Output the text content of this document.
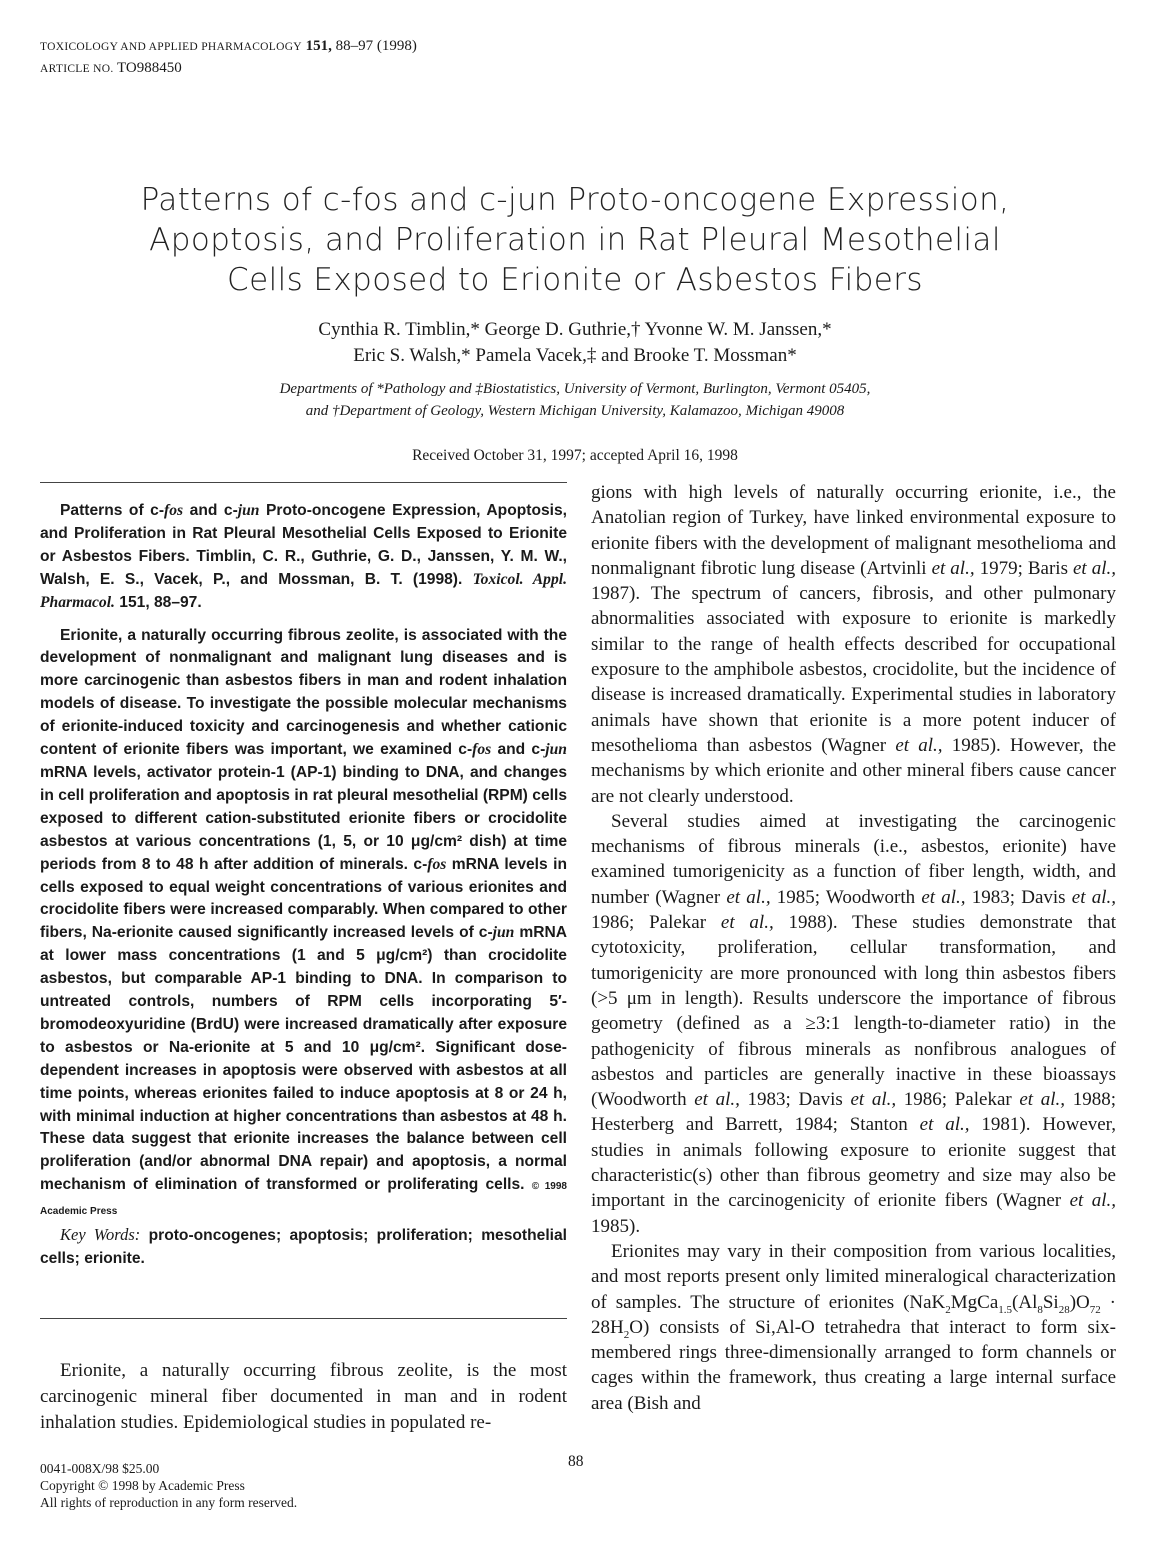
TOXICOLOGY AND APPLIED PHARMACOLOGY 151, 88–97 (1998)
ARTICLE NO. TO988450
Patterns of c-fos and c-jun Proto-oncogene Expression,
Apoptosis, and Proliferation in Rat Pleural Mesothelial
Cells Exposed to Erionite or Asbestos Fibers
Cynthia R. Timblin,* George D. Guthrie,† Yvonne W. M. Janssen,*
Eric S. Walsh,* Pamela Vacek,‡ and Brooke T. Mossman*
Departments of *Pathology and ‡Biostatistics, University of Vermont, Burlington, Vermont 05405,
and †Department of Geology, Western Michigan University, Kalamazoo, Michigan 49008
Received October 31, 1997; accepted April 16, 1998

Patterns of c-fos and c-jun Proto-oncogene Expression, Apoptosis, and Proliferation in Rat Pleural Mesothelial Cells Exposed to Erionite or Asbestos Fibers. Timblin, C. R., Guthrie, G. D., Janssen, Y. M. W., Walsh, E. S., Vacek, P., and Mossman, B. T. (1998). Toxicol. Appl. Pharmacol. 151, 88–97.

Erionite, a naturally occurring fibrous zeolite, is associated with the development of nonmalignant and malignant lung diseases and is more carcinogenic than asbestos fibers in man and rodent inhalation models of disease. To investigate the possible molecular mechanisms of erionite-induced toxicity and carcinogenesis and whether cationic content of erionite fibers was important, we examined c-fos and c-jun mRNA levels, activator protein-1 (AP-1) binding to DNA, and changes in cell proliferation and apoptosis in rat pleural mesothelial (RPM) cells exposed to different cation-substituted erionite fibers or crocidolite asbestos at various concentrations (1, 5, or 10 μg/cm² dish) at time periods from 8 to 48 h after addition of minerals. c-fos mRNA levels in cells exposed to equal weight concentrations of various erionites and crocidolite fibers were increased comparably. When compared to other fibers, Na-erionite caused significantly increased levels of c-jun mRNA at lower mass concentrations (1 and 5 μg/cm²) than crocidolite asbestos, but comparable AP-1 binding to DNA. In comparison to untreated controls, numbers of RPM cells incorporating 5′-bromodeoxyuridine (BrdU) were increased dramatically after exposure to asbestos or Na-erionite at 5 and 10 μg/cm². Significant dose-dependent increases in apoptosis were observed with asbestos at all time points, whereas erionites failed to induce apoptosis at 8 or 24 h, with minimal induction at higher concentrations than asbestos at 48 h. These data suggest that erionite increases the balance between cell proliferation (and/or abnormal DNA repair) and apoptosis, a normal mechanism of elimination of transformed or proliferating cells. © 1998 Academic Press

Key Words: proto-oncogenes; apoptosis; proliferation; mesothelial cells; erionite.

Erionite, a naturally occurring fibrous zeolite, is the most carcinogenic mineral fiber documented in man and in rodent inhalation studies. Epidemiological studies in populated re-

gions with high levels of naturally occurring erionite, i.e., the Anatolian region of Turkey, have linked environmental exposure to erionite fibers with the development of malignant mesothelioma and nonmalignant fibrotic lung disease (Artvinli et al., 1979; Baris et al., 1987). The spectrum of cancers, fibrosis, and other pulmonary abnormalities associated with exposure to erionite is markedly similar to the range of health effects described for occupational exposure to the amphibole asbestos, crocidolite, but the incidence of disease is increased dramatically. Experimental studies in laboratory animals have shown that erionite is a more potent inducer of mesothelioma than asbestos (Wagner et al., 1985). However, the mechanisms by which erionite and other mineral fibers cause cancer are not clearly understood.

Several studies aimed at investigating the carcinogenic mechanisms of fibrous minerals (i.e., asbestos, erionite) have examined tumorigenicity as a function of fiber length, width, and number (Wagner et al., 1985; Woodworth et al., 1983; Davis et al., 1986; Palekar et al., 1988). These studies demonstrate that cytotoxicity, proliferation, cellular transformation, and tumorigenicity are more pronounced with long thin asbestos fibers (>5 μm in length). Results underscore the importance of fibrous geometry (defined as a ≥3:1 length-to-diameter ratio) in the pathogenicity of fibrous minerals as nonfibrous analogues of asbestos and particles are generally inactive in these bioassays (Woodworth et al., 1983; Davis et al., 1986; Palekar et al., 1988; Hesterberg and Barrett, 1984; Stanton et al., 1981). However, studies in animals following exposure to erionite suggest that characteristic(s) other than fibrous geometry and size may also be important in the carcinogenicity of erionite fibers (Wagner et al., 1985).

Erionites may vary in their composition from various localities, and most reports present only limited mineralogical characterization of samples. The structure of erionites $(NaK_2MgCa_{1.5}(Al_8Si_{28})O_{72} \cdot 28H_2O)$ consists of Si,Al-O tetrahedra that interact to form six-membered rings three-dimensionally arranged to form channels or cages within the framework, thus creating a large internal surface area (Bish and

88
0041-008X/98 $25.00
Copyright © 1998 by Academic Press
All rights of reproduction in any form reserved.
